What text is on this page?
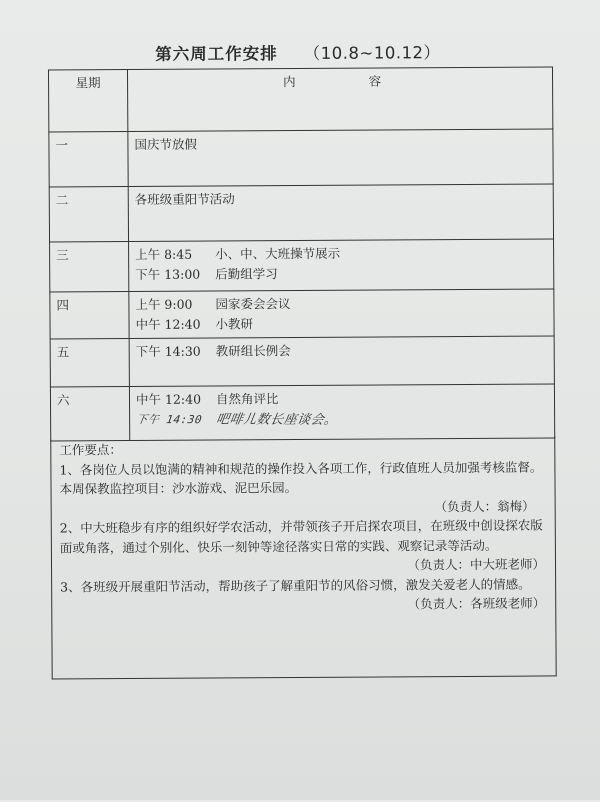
第六周工作安排 （10.8~10.12）
星期	内　　容
一	国庆节放假
二	各班级重阳节活动
三	上午 8:45 小、中、大班操节展示
下午 13:00 后勤组学习

四	上午 9:00 园家委会会议
中午 12:40 小教研

五	下午 14:30 教研组长例会

六	中午 12:40 自然角评比
下午 14:30 吧啡儿数长座谈会。

工作要点：

1、各岗位人员以饱满的精神和规范的操作投入各项工作，行政值班人员加强考核监督。本周保教监控项目：沙水游戏、泥巴乐园。

（负责人：翁梅）

2、中大班稳步有序的组织好学农活动，并带领孩子开启探农项目，在班级中创设探农版面或角落，通过个别化、快乐一刻钟等途径落实日常的实践、观察记录等活动。

（负责人：中大班老师）

3、各班级开展重阳节活动，帮助孩子了解重阳节的风俗习惯，激发关爱老人的情感。

（负责人：各班级老师）
